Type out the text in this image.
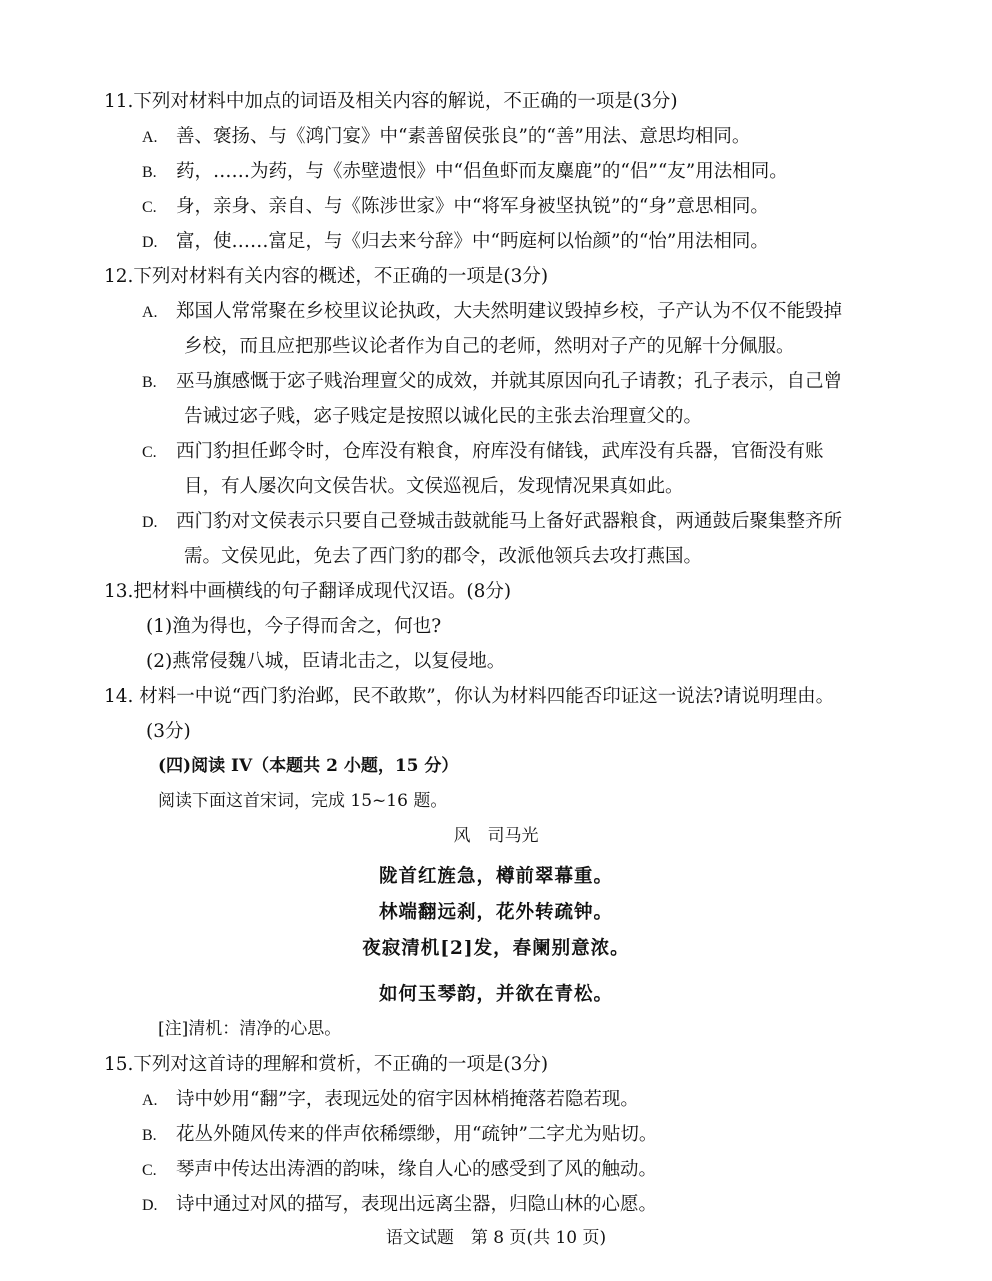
11.下列对材料中加点的词语及相关内容的解说，不正确的一项是(3分)
A. 善、褒扬、与《鸿门宴》中“素善留侯张良”的“善”用法、意思均相同。
B. 药，……为药，与《赤壁遗恨》中“侣鱼虾而友麋鹿”的“侣”“友”用法相同。
C. 身，亲身、亲自、与《陈涉世家》中“将军身被坚执锐”的“身”意思相同。
D. 富，使……富足，与《归去来兮辞》中“眄庭柯以怡颜”的“怡”用法相同。
12.下列对材料有关内容的概述，不正确的一项是(3分)
A. 郑国人常常聚在乡校里议论执政，大夫然明建议毁掉乡校，子产认为不仅不能毁掉
乡校，而且应把那些议论者作为自己的老师，然明对子产的见解十分佩服。
B. 巫马旗感慨于宓子贱治理亶父的成效，并就其原因向孔子请教；孔子表示，自己曾
告诫过宓子贱，宓子贱定是按照以诚化民的主张去治理亶父的。
C. 西门豹担任邺令时，仓库没有粮食，府库没有储钱，武库没有兵器，官衙没有账
目，有人屡次向文侯告状。文侯巡视后，发现情况果真如此。
D. 西门豹对文侯表示只要自己登城击鼓就能马上备好武器粮食，两通鼓后聚集整齐所
需。文侯见此，免去了西门豹的郡令，改派他领兵去攻打燕国。
13.把材料中画横线的句子翻译成现代汉语。(8分)
(1)渔为得也，今子得而舍之，何也?
(2)燕常侵魏八城，臣请北击之，以复侵地。
14. 材料一中说“西门豹治邺，民不敢欺”，你认为材料四能否印证这一说法?请说明理由。
(3分)
(四)阅读 IV（本题共 2 小题，15 分）
阅读下面这首宋词，完成 15~16 题。
风　司马光
陇首红旌急，樽前翠幕重。
林端翻远刹，花外转疏钟。
夜寂清机[2]发，春阑别意浓。
如何玉琴韵，并欲在青松。
[注]清机：清净的心思。
15.下列对这首诗的理解和赏析，不正确的一项是(3分)
A. 诗中妙用“翻”字，表现远处的宿宇因林梢掩落若隐若现。
B. 花丛外随风传来的伴声依稀缥缈，用“疏钟”二字尤为贴切。
C. 琴声中传达出涛酒的韵味，缘自人心的感受到了风的触动。
D. 诗中通过对风的描写，表现出远离尘器，归隐山林的心愿。
语文试题　第 8 页(共 10 页)
